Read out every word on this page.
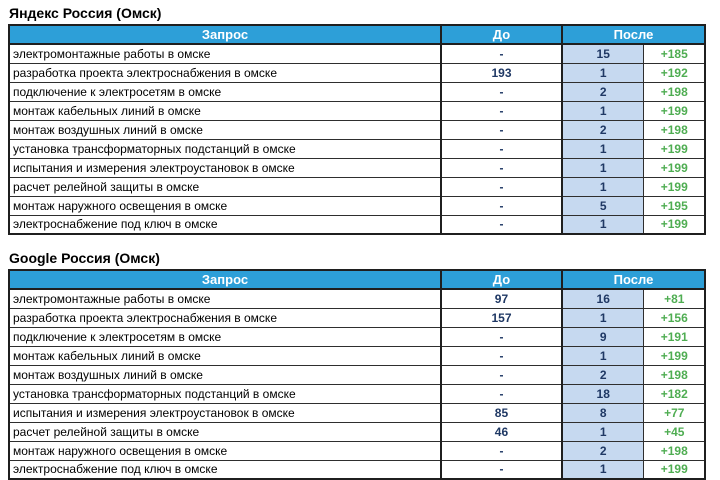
Яндекс Россия (Омск)
Запрос	До	После	
электромонтажные работы в омске	-	15	+185
разработка проекта электроснабжения в омске	193	1	+192
подключение к электросетям в омске	-	2	+198
монтаж кабельных линий в омске	-	1	+199
монтаж воздушных линий в омске	-	2	+198
установка трансформаторных подстанций в омске	-	1	+199
испытания и измерения электроустановок в омске	-	1	+199
расчет релейной защиты в омске	-	1	+199
монтаж наружного освещения в омске	-	5	+195
электроснабжение под ключ в омске	-	1	+199
Google Россия (Омск)
Запрос	До	После	
электромонтажные работы в омске	97	16	+81
разработка проекта электроснабжения в омске	157	1	+156
подключение к электросетям в омске	-	9	+191
монтаж кабельных линий в омске	-	1	+199
монтаж воздушных линий в омске	-	2	+198
установка трансформаторных подстанций в омске	-	18	+182
испытания и измерения электроустановок в омске	85	8	+77
расчет релейной защиты в омске	46	1	+45
монтаж наружного освещения в омске	-	2	+198
электроснабжение под ключ в омске	-	1	+199
